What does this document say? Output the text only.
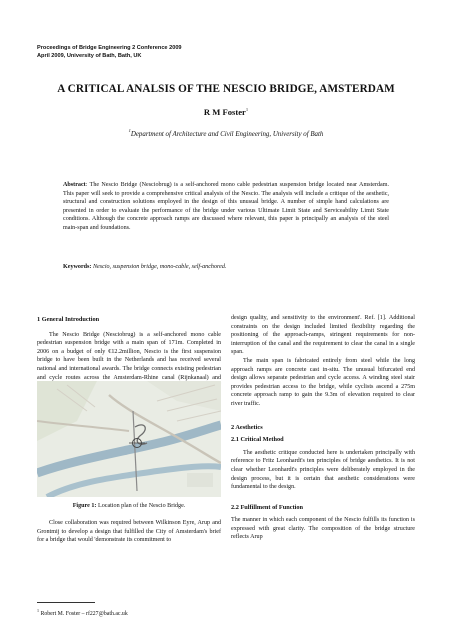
Proceedings of Bridge Engineering 2 Conference 2009
April 2009, University of Bath, Bath, UK
A CRITICAL ANALSIS OF THE NESCIO BRIDGE, AMSTERDAM
R M Foster$^1$
$^1$Department of Architecture and Civil Engineering, University of Bath
Abstract: The Nescio Bridge (Nesciobrug) is a self-anchored mono cable pedestrian suspension bridge located near Amsterdam. This paper will seek to provide a comprehensive critical analysis of the Nescio. The analysis will include a critique of the aesthetic, structural and construction solutions employed in the design of this unusual bridge. A number of simple hand calculations are presented in order to evaluate the performance of the bridge under various Ultimate Limit State and Serviceability Limit State conditions. Although the concrete approach ramps are discussed where relevant, this paper is principally an analysis of the steel main-span and foundations.
Keywords: Nescio, suspension bridge, mono-cable, self-anchored.

1 General Introduction

The Nescio Bridge (Nesciobrug) is a self-anchored mono cable pedestrian suspension bridge with a main span of 171m. Completed in 2006 on a budget of only €12.2million, Nescio is the first suspension bridge to have been built in the Netherlands and has received several national and international awards. The bridge connects existing pedestrian and cycle routes across the Amsterdam-Rhine canal (Rijnkanaal) and

Figure 1: Location plan of the Nescio Bridge.

Close collaboration was required between Wilkinson Eyre, Arup and Grontmij to develop a design that fulfilled the City of Amsterdam's brief for a bridge that would 'demonstrate its commitment to

$^1$ Robert M. Foster – rf227@bath.ac.uk

design quality, and sensitivity to the environment'. Ref. [1]. Additional constraints on the design included limited flexibility regarding the positioning of the approach-ramps, stringent requirements for non-interruption of the canal and the requirement to clear the canal in a single span.

The main span is fabricated entirely from steel while the long approach ramps are concrete cast in-situ. The unusual bifurcated end design allows separate pedestrian and cycle access. A winding steel stair provides pedestrian access to the bridge, while cyclists ascend a 275m concrete approach ramp to gain the 9.3m of elevation required to clear river traffic.

2 Aesthetics

2.1 Critical Method

The aesthetic critique conducted here is undertaken principally with reference to Fritz Leonhardt's ten principles of bridge aesthetics. It is not clear whether Leonhardt's principles were deliberately employed in the design process, but it is certain that aesthetic considerations were fundamental to the design.

2.2 Fulfillment of Function

The manner in which each component of the Nescio fulfills its function is expressed with great clarity. The composition of the bridge structure reflects Arup
